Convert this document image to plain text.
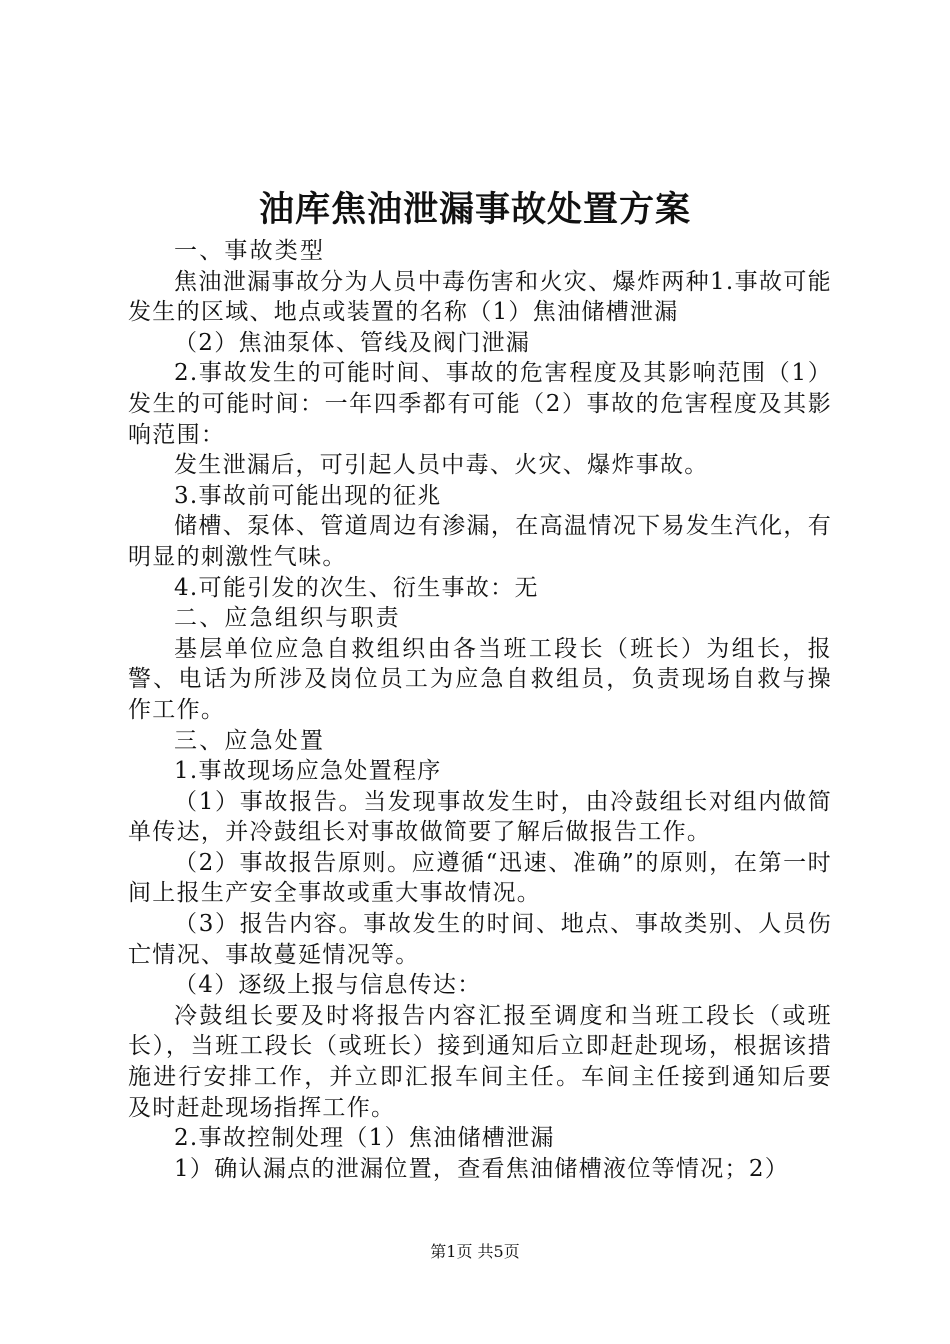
油库焦油泄漏事故处置方案

一、事故类型

焦油泄漏事故分为人员中毒伤害和火灾、爆炸两种1.事故可能发生的区域、地点或装置的名称（1）焦油储槽泄漏

（2）焦油泵体、管线及阀门泄漏

2.事故发生的可能时间、事故的危害程度及其影响范围（1）发生的可能时间：一年四季都有可能（2）事故的危害程度及其影响范围：

发生泄漏后，可引起人员中毒、火灾、爆炸事故。

3.事故前可能出现的征兆

储槽、泵体、管道周边有渗漏，在高温情况下易发生汽化，有明显的刺激性气味。

4.可能引发的次生、衍生事故：无

二、应急组织与职责

基层单位应急自救组织由各当班工段长（班长）为组长，报警、电话为所涉及岗位员工为应急自救组员，负责现场自救与操作工作。

三、应急处置

1.事故现场应急处置程序

（1）事故报告。当发现事故发生时，由冷鼓组长对组内做简单传达，并冷鼓组长对事故做简要了解后做报告工作。

（2）事故报告原则。应遵循“迅速、准确”的原则，在第一时间上报生产安全事故或重大事故情况。

（3）报告内容。事故发生的时间、地点、事故类别、人员伤亡情况、事故蔓延情况等。

（4）逐级上报与信息传达：

冷鼓组长要及时将报告内容汇报至调度和当班工段长（或班长），当班工段长（或班长）接到通知后立即赶赴现场，根据该措施进行安排工作，并立即汇报车间主任。车间主任接到通知后要及时赶赴现场指挥工作。

2.事故控制处理（1）焦油储槽泄漏

1）确认漏点的泄漏位置，查看焦油储槽液位等情况；2）

第1页 共5页
